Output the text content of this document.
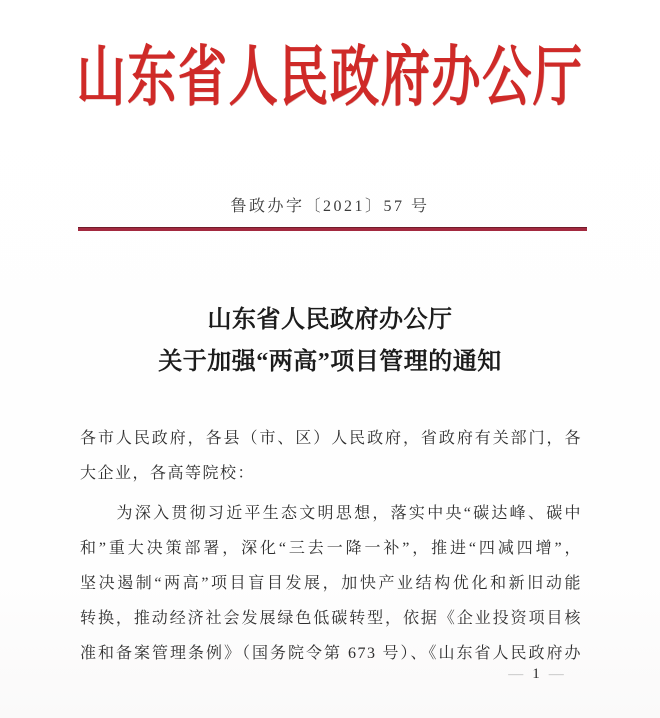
山东省人民政府办公厅
鲁政办字〔2021〕57 号
山东省人民政府办公厅
关于加强“两高”项目管理的通知
各市人民政府，各县（市、区）人民政府，省政府有关部门，各
大企业，各高等院校：
　　为深入贯彻习近平生态文明思想，落实中央“碳达峰、碳中
和”重大决策部署，深化“三去一降一补”，推进“四减四增”，
坚决遏制“两高”项目盲目发展，加快产业结构优化和新旧动能
转换，推动经济社会发展绿色低碳转型，依据《企业投资项目核
准和备案管理条例》（国务院令第 673 号）、《山东省人民政府办
— 1 —
